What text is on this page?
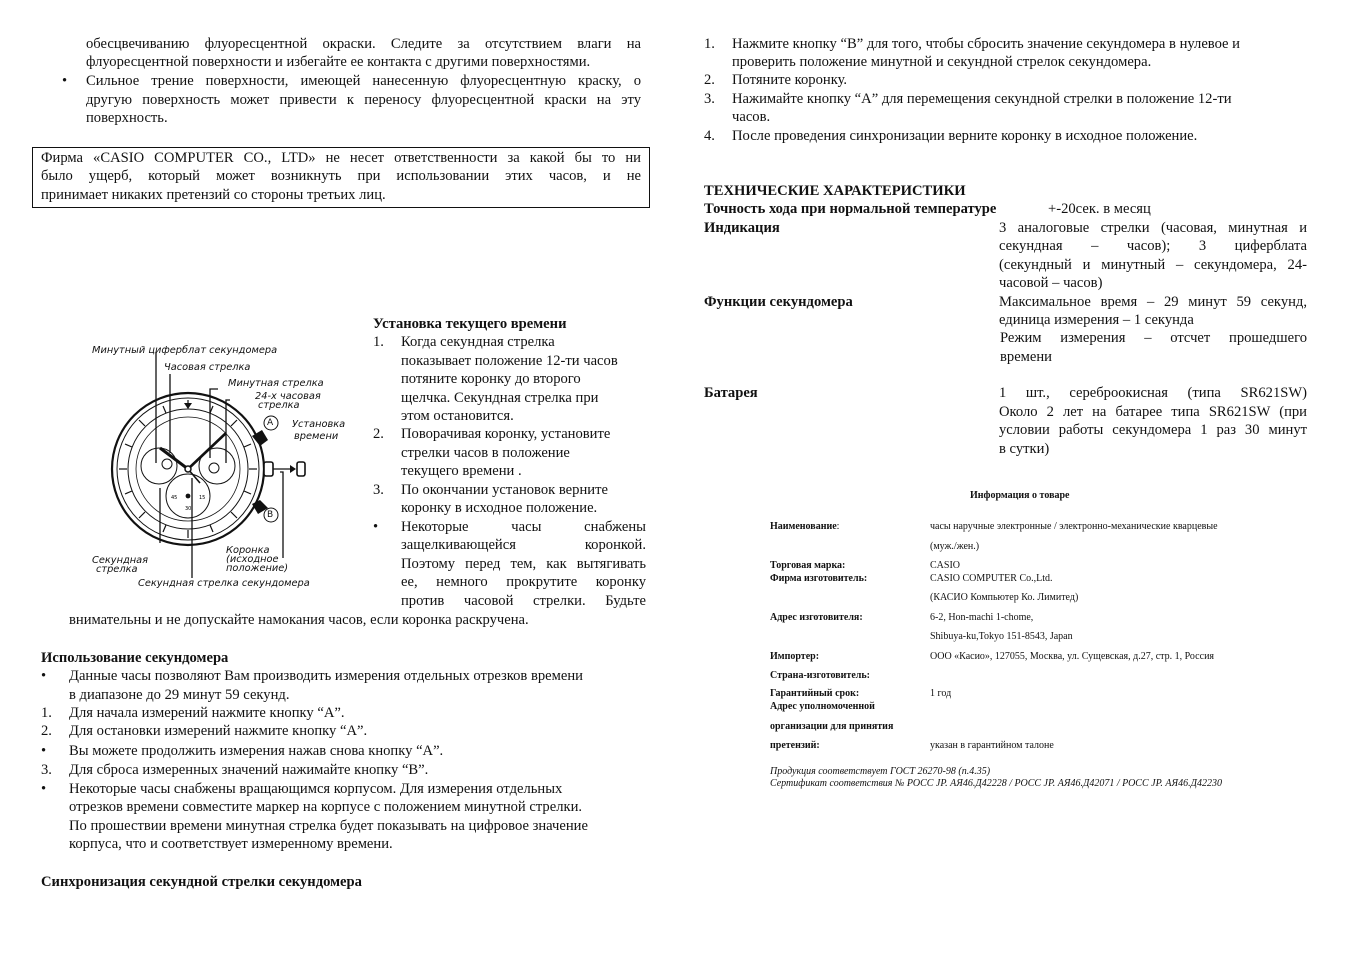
обесцвечиванию флуоресцентной окраски. Следите за отсутствием влаги на
флуоресцентной поверхности и избегайте ее контакта с другими поверхностями.
• Сильное трение поверхности, имеющей нанесенную флуоресцентную краску, о
другую поверхность может привести к переносу флуоресцентной краски на эту
поверхность.
Фирма «CASIO COMPUTER CO., LTD» не несет ответственности за какой бы то ни
было ущерб, который может возникнуть при использовании этих часов, и не
принимает никаких претензий со стороны третьих лиц.
45	15
30
Минутный циферблат секундомера
Часовая стрелка
Минутная стрелка
24-х часовая
стрелка
Установка
времени
A
B
Секундная
стрелка
Коронка
(исходное
положение)
Секундная стрелка секундомера
Установка текущего времени
1. Когда секундная стрелка
показывает положение 12-ти часов
потяните коронку до второго
щелчка. Секундная стрелка при
этом остановится.
2. Поворачивая коронку, установите
стрелки часов в положение
текущего времени .
3. По окончании установок верните
коронку в исходное положение.
• Некоторые часы снабжены
защелкивающейся коронкой.
Поэтому перед тем, как вытягивать
ее, немного прокрутите коронку
против часовой стрелки. Будьте
внимательны и не допускайте намокания часов, если коронка раскручена.
Использование секундомера
• Данные часы позволяют Вам производить измерения отдельных отрезков времени
в диапазоне до 29 минут 59 секунд.
1. Для начала измерений нажмите кнопку “A”.
2. Для остановки измерений нажмите кнопку “A”.
• Вы можете продолжить измерения нажав снова кнопку “A”.
3. Для сброса измеренных значений нажимайте кнопку “B”.
• Некоторые часы снабжены вращающимся корпусом. Для измерения отдельных
отрезков времени совместите маркер на корпусе с положением минутной стрелки.
По прошествии времени минутная стрелка будет показывать на цифровое значение
корпуса, что и соответствует измеренному времени.
Синхронизация секундной стрелки секундомера
1. Нажмите кнопку “B” для того, чтобы сбросить значение секундомера в нулевое и
проверить положение минутной и секундной стрелок секундомера.
2. Потяните коронку.
3. Нажимайте кнопку “A” для перемещения секундной стрелки в положение 12-ти
часов.
4. После проведения синхронизации верните коронку в исходное положение.
ТЕХНИЧЕСКИЕ ХАРАКТЕРИСТИКИ
Точность хода при нормальной температуре	+-20сек. в месяц
Индикация	3 аналоговые стрелки (часовая, минутная и
секундная – часов); 3 циферблата
(секундный и минутный – секундомера, 24-
часовой – часов)
Функции секундомера	Максимальное время – 29 минут 59 секунд,
единица измерения – 1 секунда
Режим измерения – отсчет прошедшего
времени
Батарея	1 шт., сереброокисная (типа SR621SW)
Около 2 лет на батарее типа SR621SW (при
условии работы секундомера 1 раз 30 минут
в сутки)
Информация о товаре
Наименование:	часы наручные электронные / электронно-механические кварцевые
(муж./жен.)
Торговая марка:	CASIO
Фирма изготовитель:	CASIO COMPUTER Co.,Ltd.
(КАСИО Компьютер Ко. Лимитед)
Адрес изготовителя:	6-2, Hon-machi 1-chome,
Shibuya-ku,Tokyo 151-8543, Japan
Импортер:	ООО «Касио», 127055, Москва, ул. Сущевская, д.27, стр. 1, Россия
Страна-изготовитель:
Гарантийный срок:	1 год
Адрес уполномоченной
организации для принятия
претензий:	указан в гарантийном талоне
Продукция соответствует ГОСТ 26270-98 (п.4.35)
Сертификат соответствия № РОСС JP. АЯ46.Д42228 / РОСС JP. АЯ46.Д42071 / РОСС JP. АЯ46.Д42230
